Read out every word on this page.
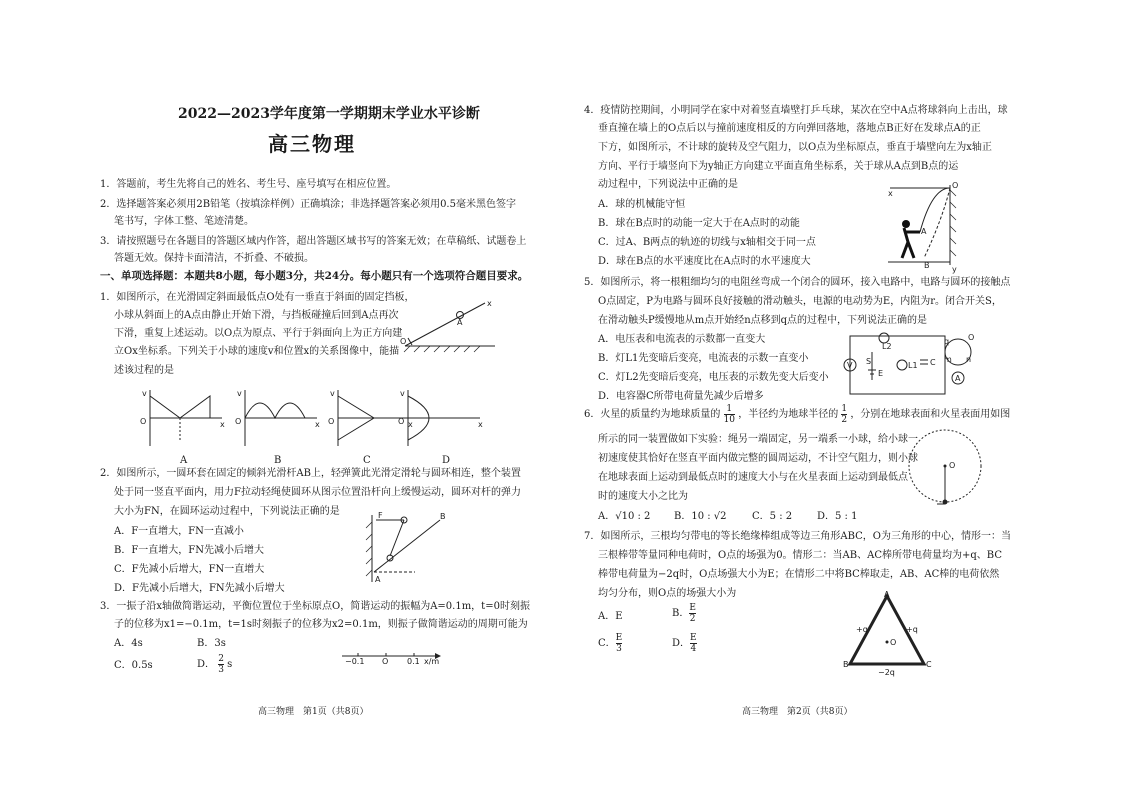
2022—2023学年度第一学期期末学业水平诊断
高三物理
1．答题前，考生先将自己的姓名、考生号、座号填写在相应位置。
2．选择题答案必须用2B铅笔（按填涂样例）正确填涂；非选择题答案必须用0.5毫米黑色签字
笔书写，字体工整、笔迹清楚。
3．请按照题号在各题目的答题区域内作答，超出答题区域书写的答案无效；在草稿纸、试题卷上
答题无效。保持卡面清洁，不折叠、不破损。
一、单项选择题：本题共8小题，每小题3分，共24分。每小题只有一个选项符合题目要求。
1．如图所示，在光滑固定斜面最低点O处有一垂直于斜面的固定挡板，
小球从斜面上的A点由静止开始下滑，与挡板碰撞后回到A点再次
下滑，重复上述运动。以O点为原点、平行于斜面向上为正方向建
立Ox坐标系。下列关于小球的速度v和位置x的关系图像中，能描
述该过程的是
O
A
x
v
x
O
v
x
O
v
x
O
v
x
O
A	B	C	D
2．如图所示，一圆环套在固定的倾斜光滑杆AB上，轻弹簧此光滑定滑轮与圆环相连，整个装置
处于同一竖直平面内，用力F拉动轻绳使圆环从图示位置沿杆向上缓慢运动，圆环对杆的弹力
大小为FN，在圆环运动过程中，下列说法正确的是
A．F一直增大，FN一直减小
B．F一直增大，FN先减小后增大
C．F先减小后增大，FN一直增大
D．F先减小后增大，FN先减小后增大
F	B
A
3．一振子沿x轴做简谐运动，平衡位置位于坐标原点O，简谐运动的振幅为A=0.1m，t=0时刻振
子的位移为x1=−0.1m，t=1s时刻振子的位移为x2=0.1m，则振子做简谐运动的周期可能为
A．4s	B．3s
C．0.5s	D． $\frac{2}{3}$ s	−0.1 O 0.1 x/m
高三物理　第1页（共8页）
4．疫情防控期间，小明同学在家中对着竖直墙壁打乒乓球，某次在空中A点将球斜向上击出，球
垂直撞在墙上的O点后以与撞前速度相反的方向弹回落地，落地点B正好在发球点A的正
下方，如图所示，不计球的旋转及空气阻力，以O点为坐标原点，垂直于墙壁向左为x轴正
方向、平行于墙竖向下为y轴正方向建立平面直角坐标系，关于球从A点到B点的运
动过程中，下列说法中正确的是
A．球的机械能守恒
B．球在B点时的动能一定大于在A点时的动能
C．过A、B两点的轨迹的切线与x轴相交于同一点
D．球在B点的水平速度比在A点时的水平速度大
x
O
A
B	y
5．如图所示，将一根粗细均匀的电阻丝弯成一个闭合的圆环，接入电路中，电路与圆环的接触点
O点固定，P为电路与圆环良好接触的滑动触头，电源的电动势为E，内阻为r。闭合开关S，
在滑动触头P缓慢地从m点开始经n点移到q点的过程中，下列说法正确的是
A．电压表和电流表的示数都一直变大
B．灯L1先变暗后变亮，电流表的示数一直变小
C．灯L2先变暗后变亮，电压表的示数先变大后变小
D．电容器C所带电荷量先减少后增多
V
L2
L1
S
E
C
A
O
q
n
m
6．火星的质量约为地球质量的 $\frac{1}{10}$ ，半径约为地球半径的 $\frac{1}{2}$ ，分别在地球表面和火星表面用如图
所示的同一装置做如下实验：绳另一端固定，另一端系一小球，给小球一
初速度使其恰好在竖直平面内做完整的圆周运动，不计空气阻力，则小球
在地球表面上运动到最低点时的速度大小与在火星表面上运动到最低点
时的速度大小之比为
A．√10 : 2 B．10 : √2	C．5 : 2 D．5 : 1
O
7．如图所示，三根均匀带电的等长绝缘棒组成等边三角形ABC，O为三角形的中心，情形一：当
三根棒带等量同种电荷时，O点的场强为0。情形二：当AB、AC棒所带电荷量均为+q、BC
棒带电荷量为−2q时，O点场强大小为E；在情形二中将BC棒取走，AB、AC棒的电荷依然
均匀分布，则O点的场强大小为
A．E	B． $\frac{E}{2}$
C． $\frac{E}{3}$	D． $\frac{E}{4}$
A
B	C
+q	+q
−2q
O
高三物理　第2页（共8页）
